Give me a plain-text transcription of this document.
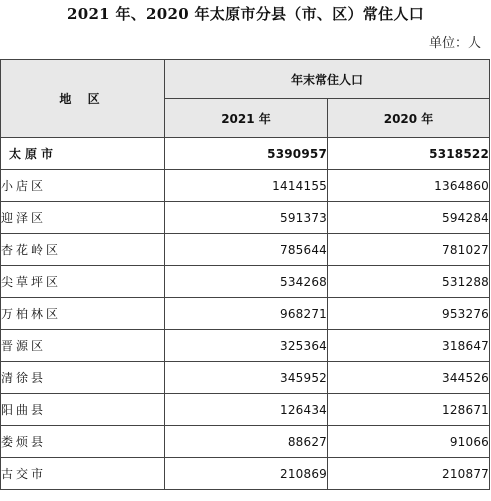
2021 年、2020 年太原市分县（市、区）常住人口
单位：人
地 区	年末常住人口	
	2021 年	2020 年
太原市	5390957	5318522
小店区	1414155	1364860
迎泽区	591373	594284
杏花岭区	785644	781027
尖草坪区	534268	531288
万柏林区	968271	953276
晋源区	325364	318647
清徐县	345952	344526
阳曲县	126434	128671
娄烦县	88627	91066
古交市	210869	210877
